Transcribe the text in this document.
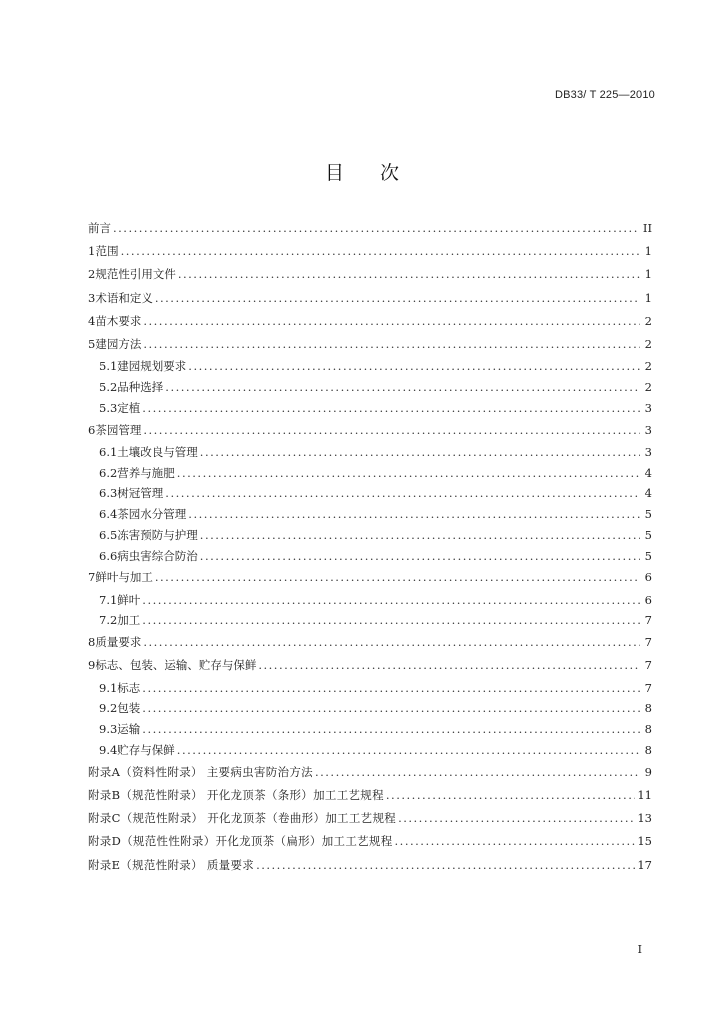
DB33/ T 225—2010
目次
前言 .....	II
1 范围 .....	1
2 规范性引用文件 .....	1
3 术语和定义 .....	1
4 苗木要求 .....	2
5 建园方法 .....	2
5.1 建园规划要求 .....	2
5.2 品种选择 .....	2
5.3 定植 .....	3
6 茶园管理 .....	3
6.1 土壤改良与管理 .....	3
6.2 营养与施肥 .....	4
6.3 树冠管理 .....	4
6.4 茶园水分管理 .....	5
6.5 冻害预防与护理 .....	5
6.6 病虫害综合防治 .....	5
7 鲜叶与加工 .....	6
7.1 鲜叶 .....	6
7.2 加工 .....	7
8 质量要求 .....	7
9 标志、包装、运输、贮存与保鲜 .....	7
9.1 标志 .....	7
9.2 包装 .....	8
9.3 运输 .....	8
9.4 贮存与保鲜 .....	8
附录A（资料性附录） 主要病虫害防治方法 .....	9
附录B（规范性附录） 开化龙顶茶（条形）加工工艺规程 .....	11
附录C（规范性附录） 开化龙顶茶（卷曲形）加工工艺规程 .....	13
附录D（规范性性附录）开化龙顶茶（扁形）加工工艺规程 .....	15
附录E（规范性附录） 质量要求 .....	17
I
